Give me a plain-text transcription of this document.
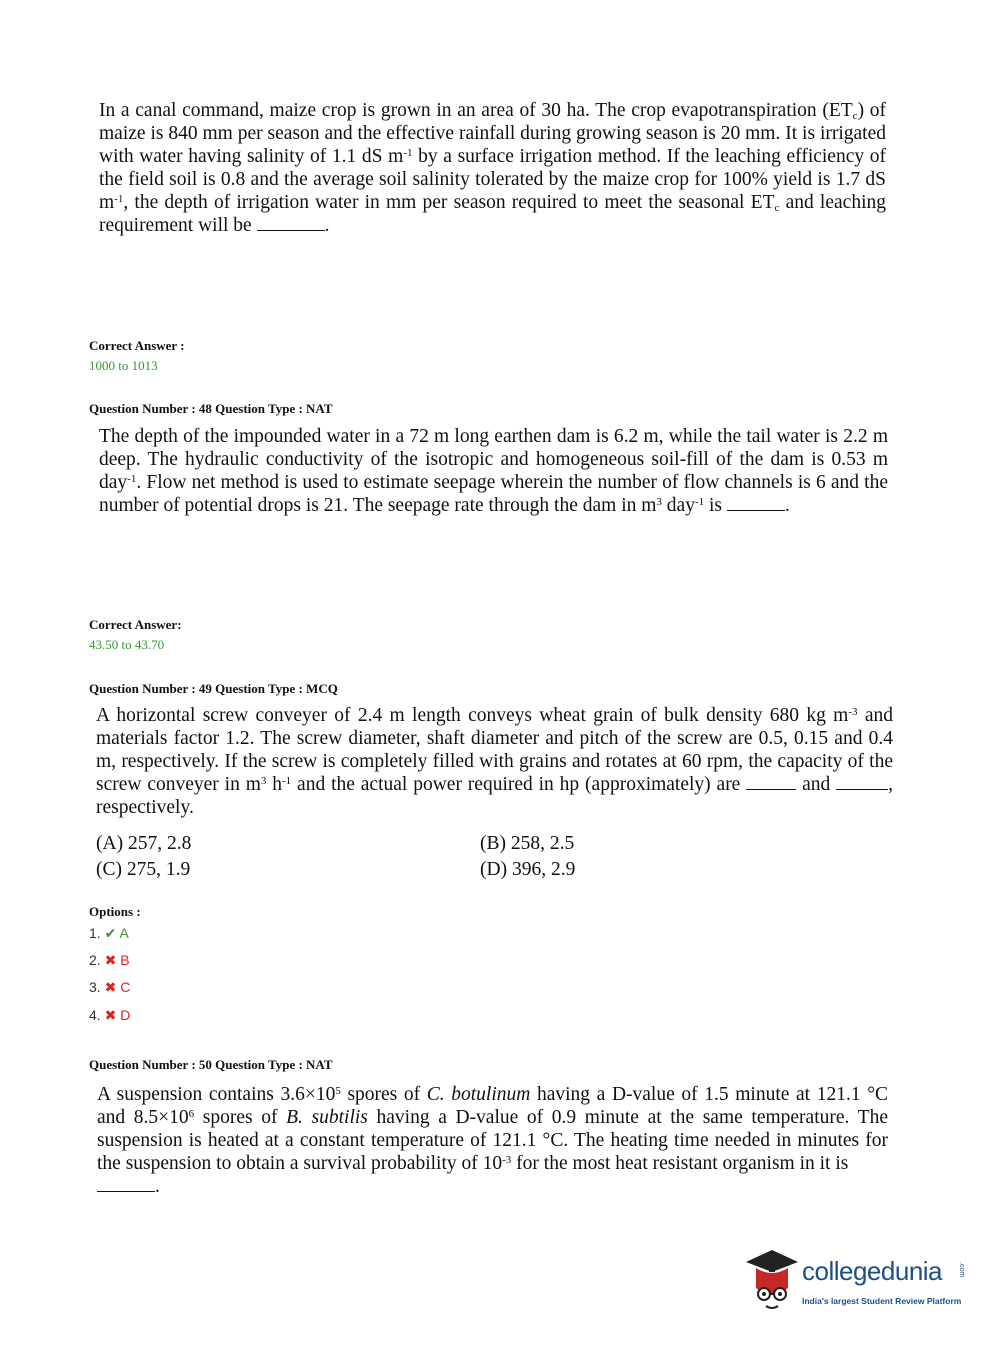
In a canal command, maize crop is grown in an area of 30 ha. The crop evapotranspiration $(ET_c)$ of maize is 840 mm per season and the effective rainfall during growing season is 20 mm. It is irrigated with water having salinity of 1.1 dS $m^{-1}$ by a surface irrigation method. If the leaching efficiency of the field soil is 0.8 and the average soil salinity tolerated by the maize crop for 100% yield is 1.7 dS $m^{-1}$, the depth of irrigation water in mm per season required to meet the seasonal $ET_c$ and leaching requirement will be	.
Correct Answer :
1000 to 1013
Question Number : 48 Question Type : NAT
The depth of the impounded water in a 72 m long earthen dam is 6.2 m, while the tail water is 2.2 m deep. The hydraulic conductivity of the isotropic and homogeneous soil-fill of the dam is 0.53 m day$^{-1}$. Flow net method is used to estimate seepage wherein the number of flow channels is 6 and the number of potential drops is 21. The seepage rate through the dam in $m^3$ day$^{-1}$ is	.
Correct Answer:
43.50 to 43.70
Question Number : 49 Question Type : MCQ
A horizontal screw conveyer of 2.4 m length conveys wheat grain of bulk density 680 kg $m^{-3}$ and materials factor 1.2. The screw diameter, shaft diameter and pitch of the screw are 0.5, 0.15 and 0.4 m, respectively. If the screw is completely filled with grains and rotates at 60 rpm, the capacity of the screw conveyer in $m^3$ $h^{-1}$ and the actual power required in hp (approximately) are	and	, respectively.
(A) 257, 2.8	(B) 258, 2.5
(C) 275, 1.9	(D) 396, 2.9
Options :
1. ✔ A
2. ✖ B
3. ✖ C
4. ✖ D
Question Number : 50 Question Type : NAT
A suspension contains $3.6\times 10^5$ spores of C. botulinum having a D-value of 1.5 minute at 121.1 °C and $8.5\times 10^6$ spores of B. subtilis having a D-value of 0.9 minute at the same temperature. The suspension is heated at a constant temperature of 121.1 °C. The heating time needed in minutes for the suspension to obtain a survival probability of $10^{-3}$ for the most heat resistant organism in it is
.
collegedunia .com
India's largest Student Review Platform
